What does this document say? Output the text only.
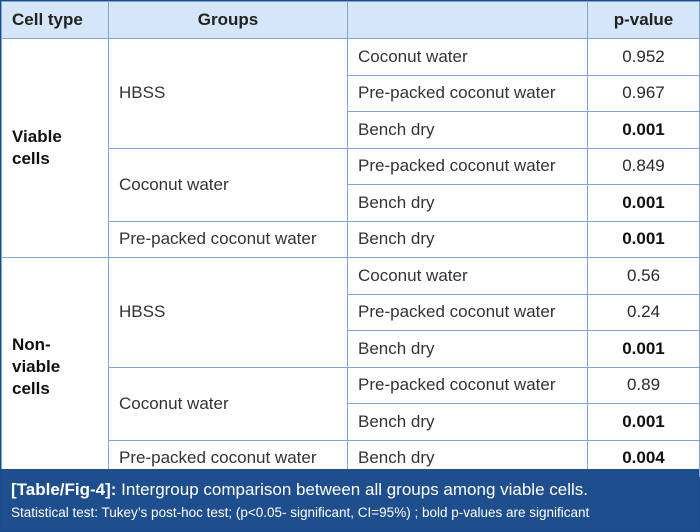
Cell type	Groups		p-value
Viable cells	HBSS	Coconut water	0.952
		Pre-packed coconut water	0.967
		Bench dry	0.001
	Coconut water	Pre-packed coconut water	0.849
		Bench dry	0.001
	Pre-packed coconut water	Bench dry	0.001
Non-viable cells	HBSS	Coconut water	0.56
		Pre-packed coconut water	0.24
		Bench dry	0.001
	Coconut water	Pre-packed coconut water	0.89
		Bench dry	0.001
	Pre-packed coconut water	Bench dry	0.004
[Table/Fig-4]: Intergroup comparison between all groups among viable cells.
Statistical test: Tukey’s post-hoc test; (p<0.05- significant, CI=95%) ; bold p-values are significant
